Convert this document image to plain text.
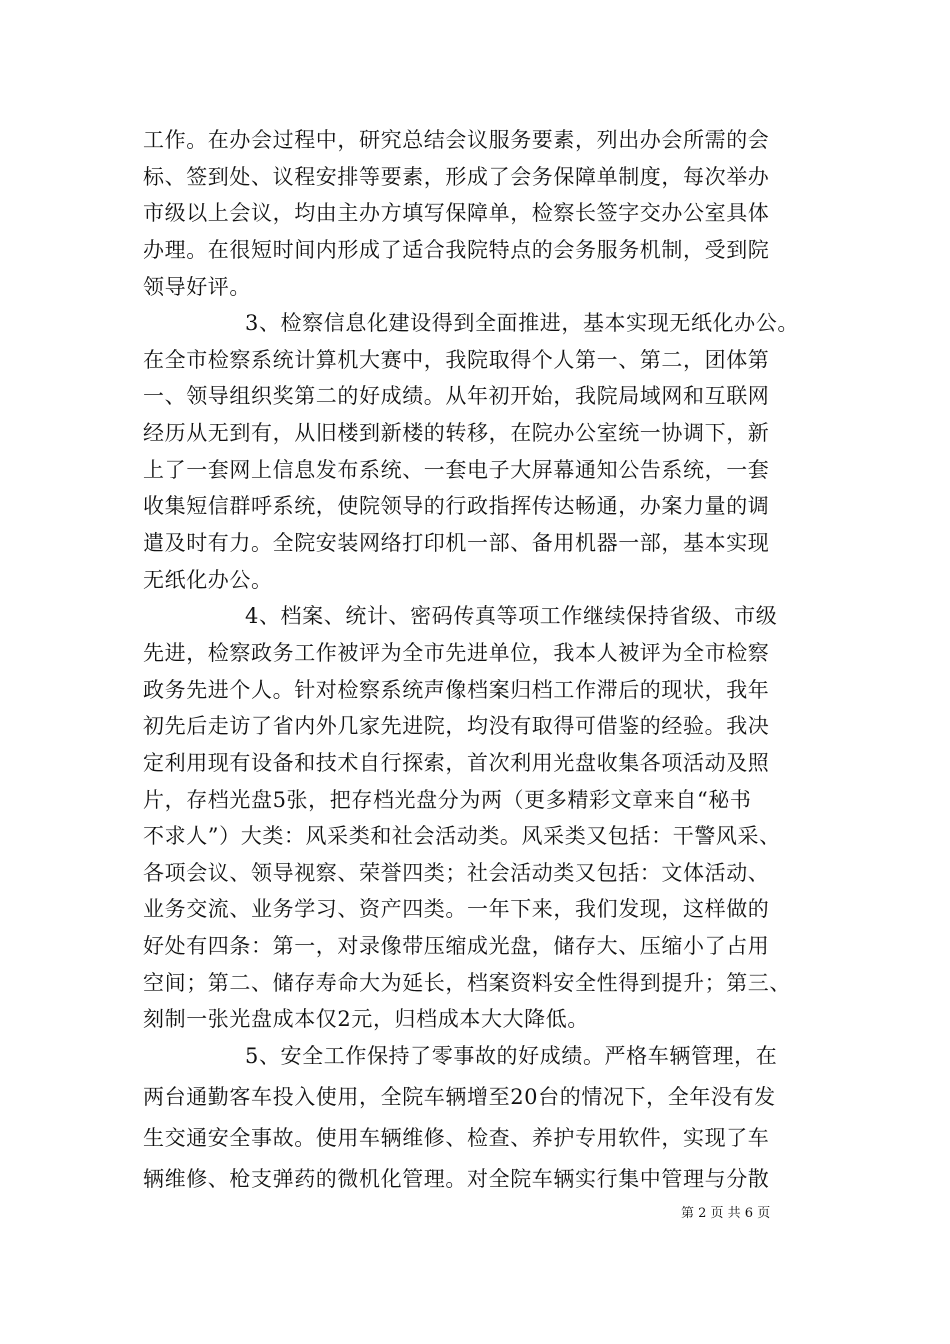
工作。在办会过程中，研究总结会议服务要素，列出办会所需的会
标、签到处、议程安排等要素，形成了会务保障单制度，每次举办
市级以上会议，均由主办方填写保障单，检察长签字交办公室具体
办理。在很短时间内形成了适合我院特点的会务服务机制，受到院
领导好评。
3、检察信息化建设得到全面推进，基本实现无纸化办公。
在全市检察系统计算机大赛中，我院取得个人第一、第二，团体第
一、领导组织奖第二的好成绩。从年初开始，我院局域网和互联网
经历从无到有，从旧楼到新楼的转移，在院办公室统一协调下，新
上了一套网上信息发布系统、一套电子大屏幕通知公告系统，一套
收集短信群呼系统，使院领导的行政指挥传达畅通，办案力量的调
遣及时有力。全院安装网络打印机一部、备用机器一部，基本实现
无纸化办公。
4、档案、统计、密码传真等项工作继续保持省级、市级
先进，检察政务工作被评为全市先进单位，我本人被评为全市检察
政务先进个人。针对检察系统声像档案归档工作滞后的现状，我年
初先后走访了省内外几家先进院，均没有取得可借鉴的经验。我决
定利用现有设备和技术自行探索，首次利用光盘收集各项活动及照
片，存档光盘5张，把存档光盘分为两（更多精彩文章来自“秘书
不求人”）大类：风采类和社会活动类。风采类又包括：干警风采、
各项会议、领导视察、荣誉四类；社会活动类又包括：文体活动、
业务交流、业务学习、资产四类。一年下来，我们发现，这样做的
好处有四条：第一，对录像带压缩成光盘，储存大、压缩小了占用
空间；第二、储存寿命大为延长，档案资料安全性得到提升；第三、
刻制一张光盘成本仅2元，归档成本大大降低。
5、安全工作保持了零事故的好成绩。严格车辆管理，在
两台通勤客车投入使用，全院车辆增至20台的情况下，全年没有发
生交通安全事故。使用车辆维修、检查、养护专用软件，实现了车
辆维修、枪支弹药的微机化管理。对全院车辆实行集中管理与分散
第 2 页 共 6 页
